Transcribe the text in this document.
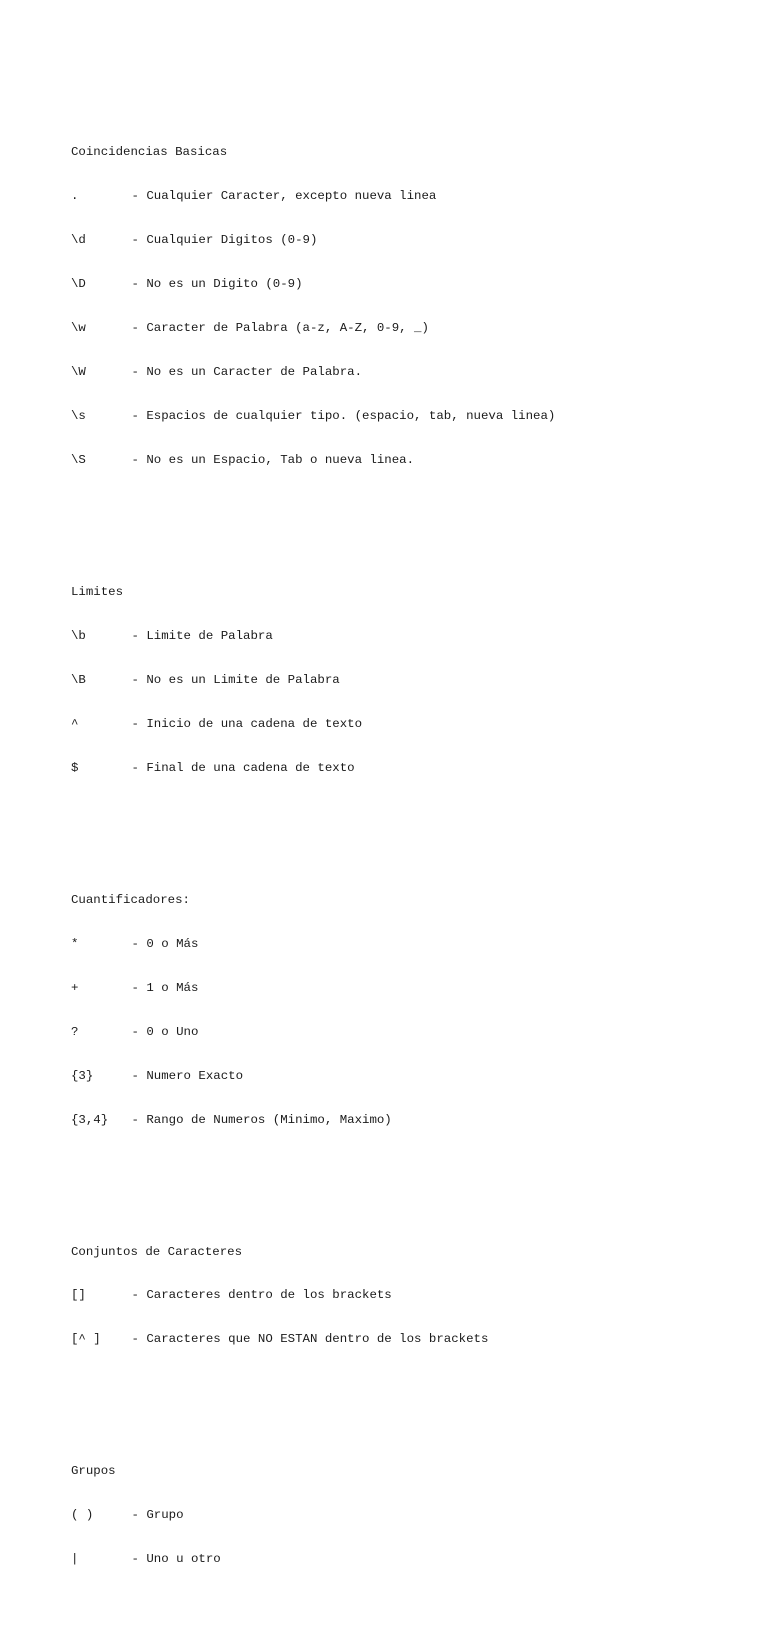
Coincidencias Basicas

.	- Cualquier Caracter, excepto nueva linea

\d	- Cualquier Digitos (0-9)

\D	- No es un Digito (0-9)

\w	- Caracter de Palabra (a-z, A-Z, 0-9, _)

\W	- No es un Caracter de Palabra.

\s	- Espacios de cualquier tipo. (espacio, tab, nueva linea)

\S	- No es un Espacio, Tab o nueva linea.

Limites

\b	- Limite de Palabra

\B	- No es un Limite de Palabra

^	- Inicio de una cadena de texto

$	- Final de una cadena de texto

Cuantificadores:

*	- 0 o Más

+	- 1 o Más

?	- 0 o Uno

{3}	- Numero Exacto

{3,4} - Rango de Numeros (Minimo, Maximo)

Conjuntos de Caracteres

[]	- Caracteres dentro de los brackets

[^ ] - Caracteres que NO ESTAN dentro de los brackets

Grupos

( )	- Grupo

|	- Uno u otro
